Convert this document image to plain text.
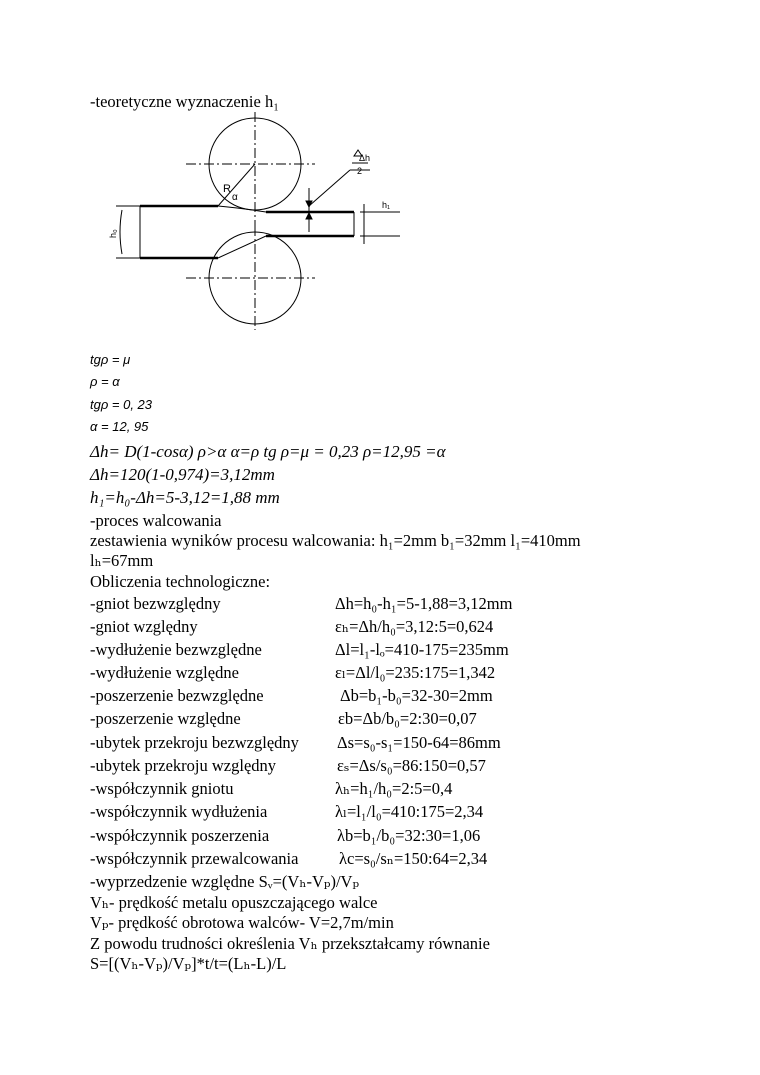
-teoretyczne wyznaczenie h₁
Δh
2
R
α
h₀
h₁
tgρ = μ
ρ = α
tgρ = 0, 23
α = 12, 95
Δh= D(1-cosα) ρ>α α=ρ tg ρ=μ = 0,23 ρ=12,95 =α
Δh=120(1-0,974)=3,12mm
h₁=h₀-Δh=5-3,12=1,88 mm
-proces walcowania
zestawienia wyników procesu walcowania: h₁=2mm b₁=32mm l₁=410mm
lₕ=67mm
Obliczenia technologiczne:
-gniot bezwzględny	Δh=h₀-h₁=5-1,88=3,12mm
-gniot względny	εₕ=Δh/h₀=3,12:5=0,624
-wydłużenie bezwzględne	Δl=l₁-lₒ=410-175=235mm
-wydłużenie względne	εₗ=Δl/l₀=235:175=1,342
-poszerzenie bezwzględne	Δb=b₁-b₀=32-30=2mm
-poszerzenie względne	εb=Δb/b₀=2:30=0,07
-ubytek przekroju bezwzględny Δs=s₀-s₁=150-64=86mm
-ubytek przekroju względny	εₛ=Δs/s₀=86:150=0,57
-współczynnik gniotu	λₕ=h₁/h₀=2:5=0,4
-współczynnik wydłużenia	λₗ=l₁/l₀=410:175=2,34
-współczynnik poszerzenia	λb=b₁/b₀=32:30=1,06
-współczynnik przewalcowania λc=s₀/sₙ=150:64=2,34
-wyprzedzenie względne Sᵥ=(Vₕ-Vₚ)/Vₚ
Vₕ- prędkość metalu opuszczającego walce
Vₚ- prędkość obrotowa walców- V=2,7m/min
Z powodu trudności określenia Vₕ przekształcamy równanie
S=[(Vₕ-Vₚ)/Vₚ]*t/t=(Lₕ-L)/L
